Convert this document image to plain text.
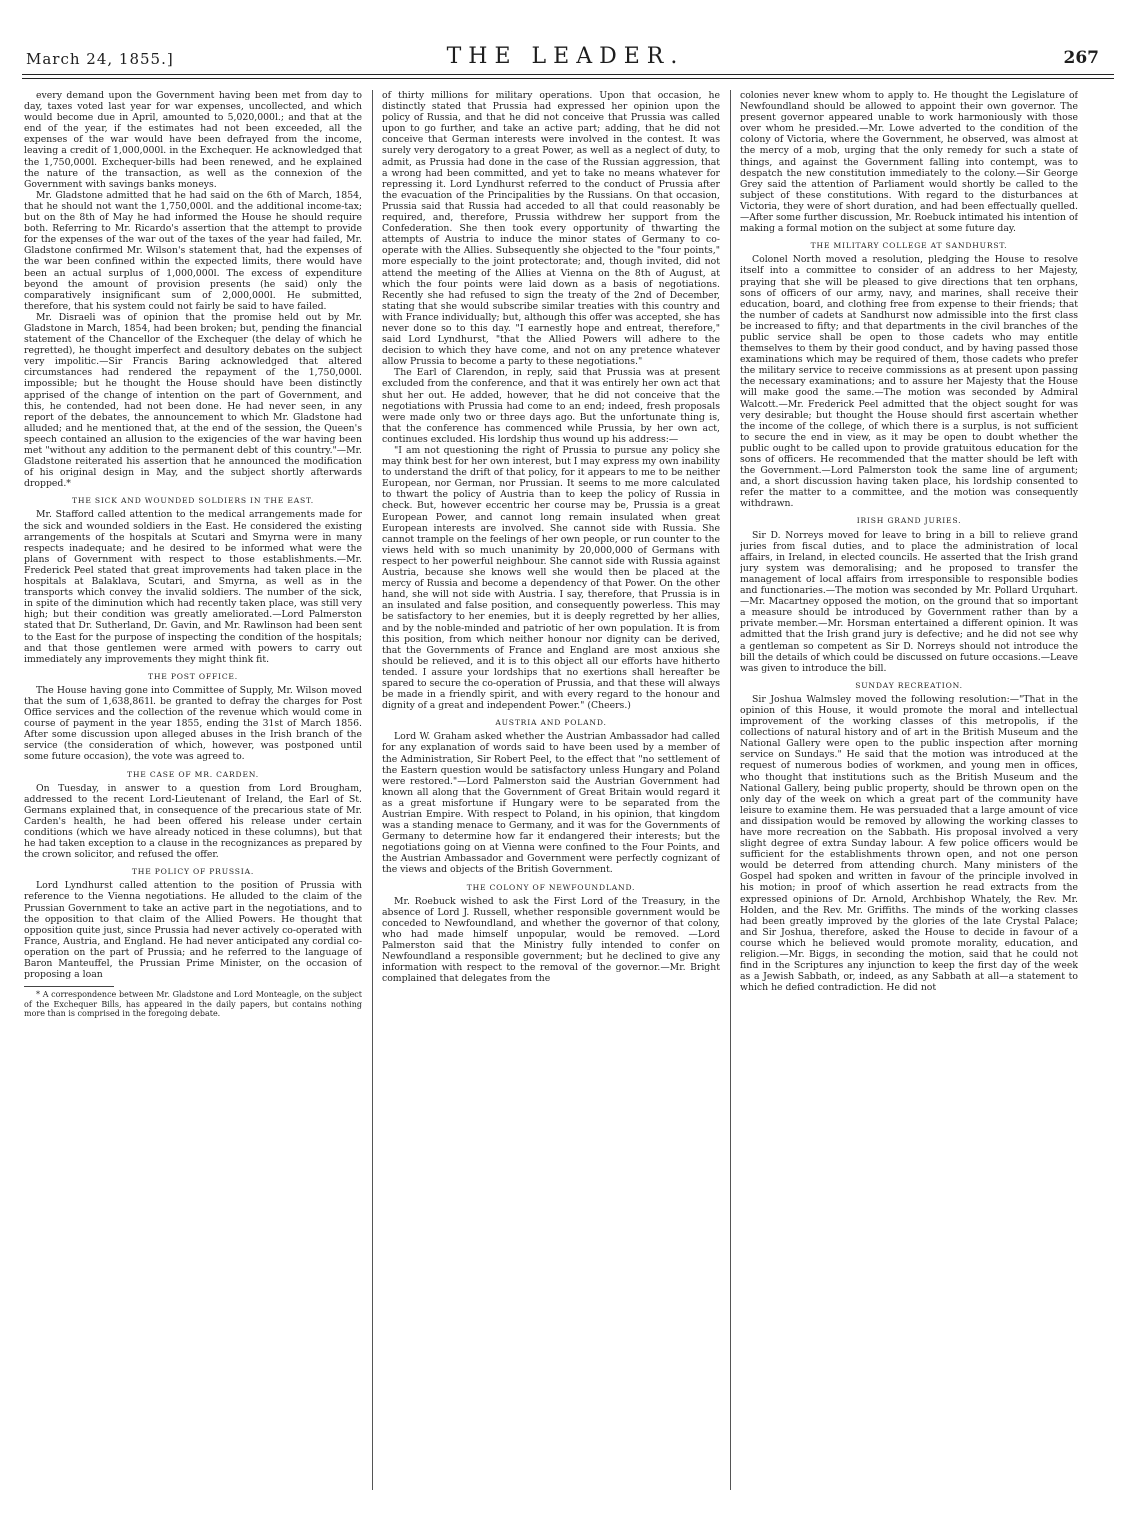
March 24, 1855.]	THE LEADER.	267

every demand upon the Government having been met from day to day, taxes voted last year for war expenses, uncollected, and which would become due in April, amounted to 5,020,000l.; and that at the end of the year, if the estimates had not been exceeded, all the expenses of the war would have been defrayed from the income, leaving a credit of 1,000,000l. in the Exchequer. He acknowledged that the 1,750,000l. Exchequer-bills had been renewed, and he explained the nature of the transaction, as well as the connexion of the Government with savings banks moneys.

Mr. Gladstone admitted that he had said on the 6th of March, 1854, that he should not want the 1,750,000l. and the additional income-tax; but on the 8th of May he had informed the House he should require both. Referring to Mr. Ricardo's assertion that the attempt to provide for the expenses of the war out of the taxes of the year had failed, Mr. Gladstone confirmed Mr. Wilson's statement that, had the expenses of the war been confined within the expected limits, there would have been an actual surplus of 1,000,000l. The excess of expenditure beyond the amount of provision presents (he said) only the comparatively insignificant sum of 2,000,000l. He submitted, therefore, that his system could not fairly be said to have failed.

Mr. Disraeli was of opinion that the promise held out by Mr. Gladstone in March, 1854, had been broken; but, pending the financial statement of the Chancellor of the Exchequer (the delay of which he regretted), he thought imperfect and desultory debates on the subject very impolitic.—Sir Francis Baring acknowledged that altered circumstances had rendered the repayment of the 1,750,000l. impossible; but he thought the House should have been distinctly apprised of the change of intention on the part of Government, and this, he contended, had not been done. He had never seen, in any report of the debates, the announcement to which Mr. Gladstone had alluded; and he mentioned that, at the end of the session, the Queen's speech contained an allusion to the exigencies of the war having been met "without any addition to the permanent debt of this country."—Mr. Gladstone reiterated his assertion that he announced the modification of his original design in May, and the subject shortly afterwards dropped.*

THE SICK AND WOUNDED SOLDIERS IN THE EAST.

Mr. Stafford called attention to the medical arrangements made for the sick and wounded soldiers in the East. He considered the existing arrangements of the hospitals at Scutari and Smyrna were in many respects inadequate; and he desired to be informed what were the plans of Government with respect to those establishments.—Mr. Frederick Peel stated that great improvements had taken place in the hospitals at Balaklava, Scutari, and Smyrna, as well as in the transports which convey the invalid soldiers. The number of the sick, in spite of the diminution which had recently taken place, was still very high; but their condition was greatly ameliorated.—Lord Palmerston stated that Dr. Sutherland, Dr. Gavin, and Mr. Rawlinson had been sent to the East for the purpose of inspecting the condition of the hospitals; and that those gentlemen were armed with powers to carry out immediately any improvements they might think fit.

THE POST OFFICE.

The House having gone into Committee of Supply, Mr. Wilson moved that the sum of 1,638,861l. be granted to defray the charges for Post Office services and the collection of the revenue which would come in course of payment in the year 1855, ending the 31st of March 1856. After some discussion upon alleged abuses in the Irish branch of the service (the consideration of which, however, was postponed until some future occasion), the vote was agreed to.

THE CASE OF MR. CARDEN.

On Tuesday, in answer to a question from Lord Brougham, addressed to the recent Lord-Lieutenant of Ireland, the Earl of St. Germans explained that, in consequence of the precarious state of Mr. Carden's health, he had been offered his release under certain conditions (which we have already noticed in these columns), but that he had taken exception to a clause in the recognizances as prepared by the crown solicitor, and refused the offer.

THE POLICY OF PRUSSIA.

Lord Lyndhurst called attention to the position of Prussia with reference to the Vienna negotiations. He alluded to the claim of the Prussian Government to take an active part in the negotiations, and to the opposition to that claim of the Allied Powers. He thought that opposition quite just, since Prussia had never actively co-operated with France, Austria, and England. He had never anticipated any cordial co-operation on the part of Prussia; and he referred to the language of Baron Manteuffel, the Prussian Prime Minister, on the occasion of proposing a loan

* A correspondence between Mr. Gladstone and Lord Monteagle, on the subject of the Exchequer Bills, has appeared in the daily papers, but contains nothing more than is comprised in the foregoing debate.

of thirty millions for military operations. Upon that occasion, he distinctly stated that Prussia had expressed her opinion upon the policy of Russia, and that he did not conceive that Prussia was called upon to go further, and take an active part; adding, that he did not conceive that German interests were involved in the contest. It was surely very derogatory to a great Power, as well as a neglect of duty, to admit, as Prussia had done in the case of the Russian aggression, that a wrong had been committed, and yet to take no means whatever for repressing it. Lord Lyndhurst referred to the conduct of Prussia after the evacuation of the Principalities by the Russians. On that occasion, Prussia said that Russia had acceded to all that could reasonably be required, and, therefore, Prussia withdrew her support from the Confederation. She then took every opportunity of thwarting the attempts of Austria to induce the minor states of Germany to co-operate with the Allies. Subsequently she objected to the "four points," more especially to the joint protectorate; and, though invited, did not attend the meeting of the Allies at Vienna on the 8th of August, at which the four points were laid down as a basis of negotiations. Recently she had refused to sign the treaty of the 2nd of December, stating that she would subscribe similar treaties with this country and with France individually; but, although this offer was accepted, she has never done so to this day. "I earnestly hope and entreat, therefore," said Lord Lyndhurst, "that the Allied Powers will adhere to the decision to which they have come, and not on any pretence whatever allow Prussia to become a party to these negotiations."

The Earl of Clarendon, in reply, said that Prussia was at present excluded from the conference, and that it was entirely her own act that shut her out. He added, however, that he did not conceive that the negotiations with Prussia had come to an end; indeed, fresh proposals were made only two or three days ago. But the unfortunate thing is, that the conference has commenced while Prussia, by her own act, continues excluded. His lordship thus wound up his address:—

"I am not questioning the right of Prussia to pursue any policy she may think best for her own interest, but I may express my own inability to understand the drift of that policy, for it appears to me to be neither European, nor German, nor Prussian. It seems to me more calculated to thwart the policy of Austria than to keep the policy of Russia in check. But, however eccentric her course may be, Prussia is a great European Power, and cannot long remain insulated when great European interests are involved. She cannot side with Russia. She cannot trample on the feelings of her own people, or run counter to the views held with so much unanimity by 20,000,000 of Germans with respect to her powerful neighbour. She cannot side with Russia against Austria, because she knows well she would then be placed at the mercy of Russia and become a dependency of that Power. On the other hand, she will not side with Austria. I say, therefore, that Prussia is in an insulated and false position, and consequently powerless. This may be satisfactory to her enemies, but it is deeply regretted by her allies, and by the noble-minded and patriotic of her own population. It is from this position, from which neither honour nor dignity can be derived, that the Governments of France and England are most anxious she should be relieved, and it is to this object all our efforts have hitherto tended. I assure your lordships that no exertions shall hereafter be spared to secure the co-operation of Prussia, and that these will always be made in a friendly spirit, and with every regard to the honour and dignity of a great and independent Power." (Cheers.)

AUSTRIA AND POLAND.

Lord W. Graham asked whether the Austrian Ambassador had called for any explanation of words said to have been used by a member of the Administration, Sir Robert Peel, to the effect that "no settlement of the Eastern question would be satisfactory unless Hungary and Poland were restored."—Lord Palmerston said the Austrian Government had known all along that the Government of Great Britain would regard it as a great misfortune if Hungary were to be separated from the Austrian Empire. With respect to Poland, in his opinion, that kingdom was a standing menace to Germany, and it was for the Governments of Germany to determine how far it endangered their interests; but the negotiations going on at Vienna were confined to the Four Points, and the Austrian Ambassador and Government were perfectly cognizant of the views and objects of the British Government.

THE COLONY OF NEWFOUNDLAND.

Mr. Roebuck wished to ask the First Lord of the Treasury, in the absence of Lord J. Russell, whether responsible government would be conceded to Newfoundland, and whether the governor of that colony, who had made himself unpopular, would be removed. —Lord Palmerston said that the Ministry fully intended to confer on Newfoundland a responsible government; but he declined to give any information with respect to the removal of the governor.—Mr. Bright complained that delegates from the

colonies never knew whom to apply to. He thought the Legislature of Newfoundland should be allowed to appoint their own governor. The present governor appeared unable to work harmoniously with those over whom he presided.—Mr. Lowe adverted to the condition of the colony of Victoria, where the Government, he observed, was almost at the mercy of a mob, urging that the only remedy for such a state of things, and against the Government falling into contempt, was to despatch the new constitution immediately to the colony.—Sir George Grey said the attention of Parliament would shortly be called to the subject of these constitutions. With regard to the disturbances at Victoria, they were of short duration, and had been effectually quelled.—After some further discussion, Mr. Roebuck intimated his intention of making a formal motion on the subject at some future day.

THE MILITARY COLLEGE AT SANDHURST.

Colonel North moved a resolution, pledging the House to resolve itself into a committee to consider of an address to her Majesty, praying that she will be pleased to give directions that ten orphans, sons of officers of our army, navy, and marines, shall receive their education, board, and clothing free from expense to their friends; that the number of cadets at Sandhurst now admissible into the first class be increased to fifty; and that departments in the civil branches of the public service shall be open to those cadets who may entitle themselves to them by their good conduct, and by having passed those examinations which may be required of them, those cadets who prefer the military service to receive commissions as at present upon passing the necessary examinations; and to assure her Majesty that the House will make good the same.—The motion was seconded by Admiral Walcott.—Mr. Frederick Peel admitted that the object sought for was very desirable; but thought the House should first ascertain whether the income of the college, of which there is a surplus, is not sufficient to secure the end in view, as it may be open to doubt whether the public ought to be called upon to provide gratuitous education for the sons of officers. He recommended that the matter should be left with the Government.—Lord Palmerston took the same line of argument; and, a short discussion having taken place, his lordship consented to refer the matter to a committee, and the motion was consequently withdrawn.

IRISH GRAND JURIES.

Sir D. Norreys moved for leave to bring in a bill to relieve grand juries from fiscal duties, and to place the administration of local affairs, in Ireland, in elected councils. He asserted that the Irish grand jury system was demoralising; and he proposed to transfer the management of local affairs from irresponsible to responsible bodies and functionaries.—The motion was seconded by Mr. Pollard Urquhart.—Mr. Macartney opposed the motion, on the ground that so important a measure should be introduced by Government rather than by a private member.—Mr. Horsman entertained a different opinion. It was admitted that the Irish grand jury is defective; and he did not see why a gentleman so competent as Sir D. Norreys should not introduce the bill the details of which could be discussed on future occasions.—Leave was given to introduce the bill.

SUNDAY RECREATION.

Sir Joshua Walmsley moved the following resolution:—"That in the opinion of this House, it would promote the moral and intellectual improvement of the working classes of this metropolis, if the collections of natural history and of art in the British Museum and the National Gallery were open to the public inspection after morning service on Sundays." He said that the motion was introduced at the request of numerous bodies of workmen, and young men in offices, who thought that institutions such as the British Museum and the National Gallery, being public property, should be thrown open on the only day of the week on which a great part of the community have leisure to examine them. He was persuaded that a large amount of vice and dissipation would be removed by allowing the working classes to have more recreation on the Sabbath. His proposal involved a very slight degree of extra Sunday labour. A few police officers would be sufficient for the establishments thrown open, and not one person would be deterred from attending church. Many ministers of the Gospel had spoken and written in favour of the principle involved in his motion; in proof of which assertion he read extracts from the expressed opinions of Dr. Arnold, Archbishop Whately, the Rev. Mr. Holden, and the Rev. Mr. Griffiths. The minds of the working classes had been greatly improved by the glories of the late Crystal Palace; and Sir Joshua, therefore, asked the House to decide in favour of a course which he believed would promote morality, education, and religion.—Mr. Biggs, in seconding the motion, said that he could not find in the Scriptures any injunction to keep the first day of the week as a Jewish Sabbath, or, indeed, as any Sabbath at all—a statement to which he defied contradiction. He did not
